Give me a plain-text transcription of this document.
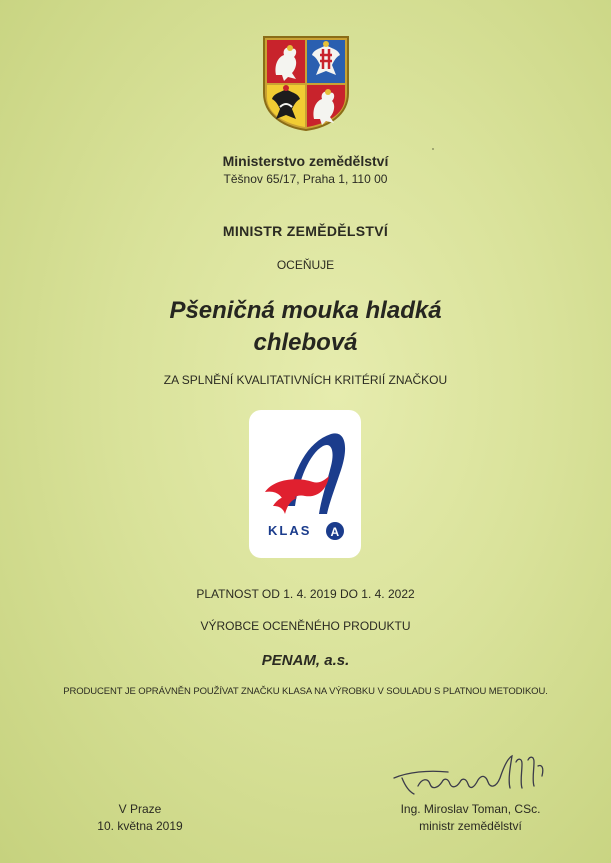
Ministerstvo zemědělství
Těšnov 65/17, Praha 1, 110 00
MINISTR ZEMĚDĚLSTVÍ
OCEŇUJE
Pšeničná mouka hladká
chlebová
ZA SPLNĚNÍ KVALITATIVNÍCH KRITÉRIÍ ZNAČKOU
KLAS A
PLATNOST OD 1. 4. 2019 DO 1. 4. 2022
VÝROBCE OCENĚNÉHO PRODUKTU
PENAM, a.s.
PRODUCENT JE OPRÁVNĚN POUŽÍVAT ZNAČKU KLASA NA VÝROBKU V SOULADU S PLATNOU METODIKOU.
V Praze
10. května 2019
Ing. Miroslav Toman, CSc.
ministr zemědělství
